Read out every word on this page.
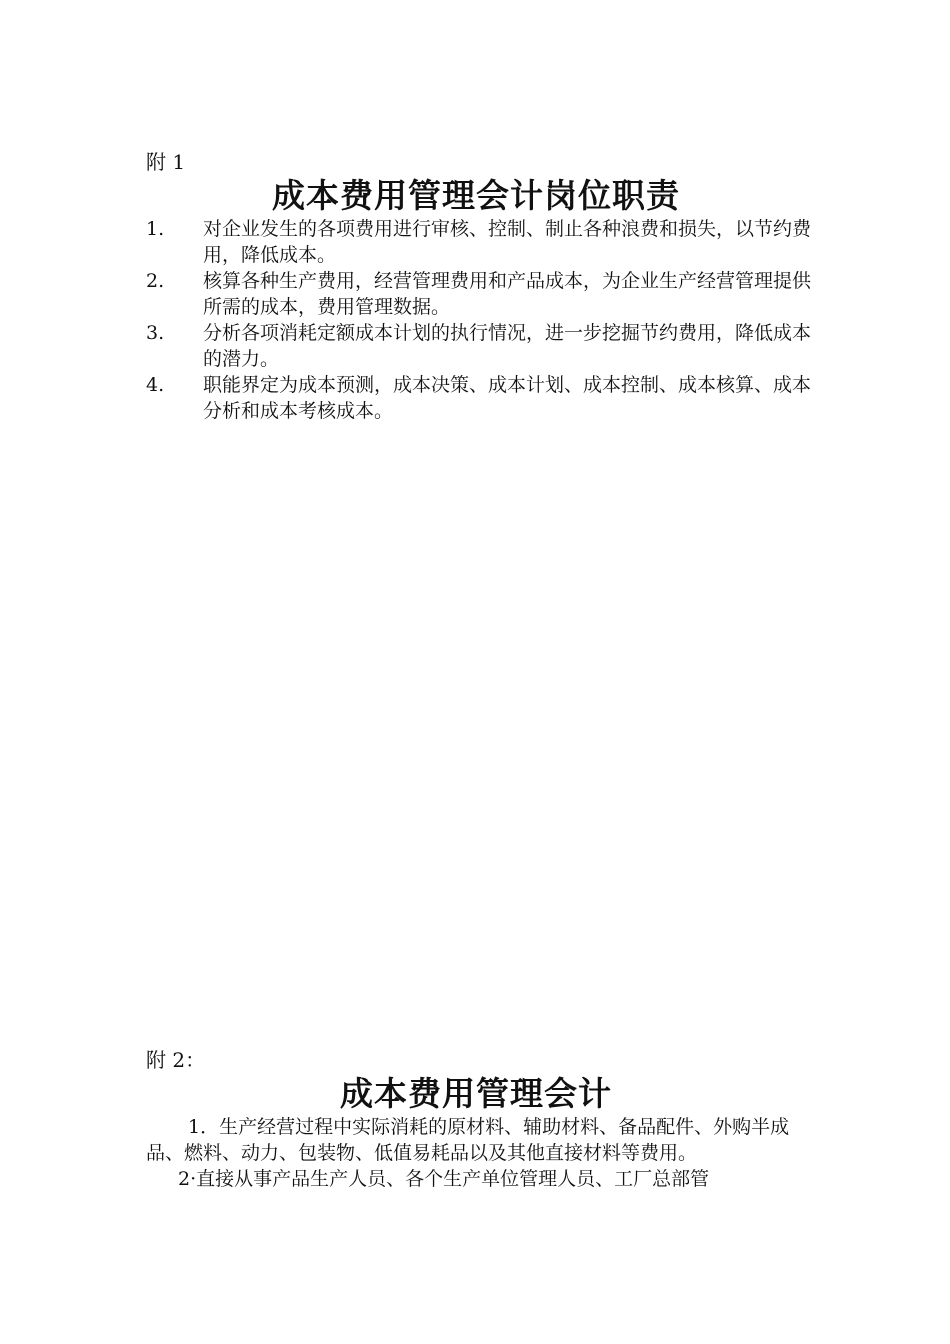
附 1
成本费用管理会计岗位职责
1.	对企业发生的各项费用进行审核、控制、制止各种浪费和损失，以节约费用，降低成本。
2.	核算各种生产费用，经营管理费用和产品成本，为企业生产经营管理提供所需的成本，费用管理数据。
3.	分析各项消耗定额成本计划的执行情况，进一步挖掘节约费用，降低成本的潜力。
4.	职能界定为成本预测，成本决策、成本计划、成本控制、成本核算、成本分析和成本考核成本。
附 2：
成本费用管理会计

1．生产经营过程中实际消耗的原材料、辅助材料、备品配件、外购半成品、燃料、动力、包装物、低值易耗品以及其他直接材料等费用。

2·直接从事产品生产人员、各个生产单位管理人员、工厂总部管
